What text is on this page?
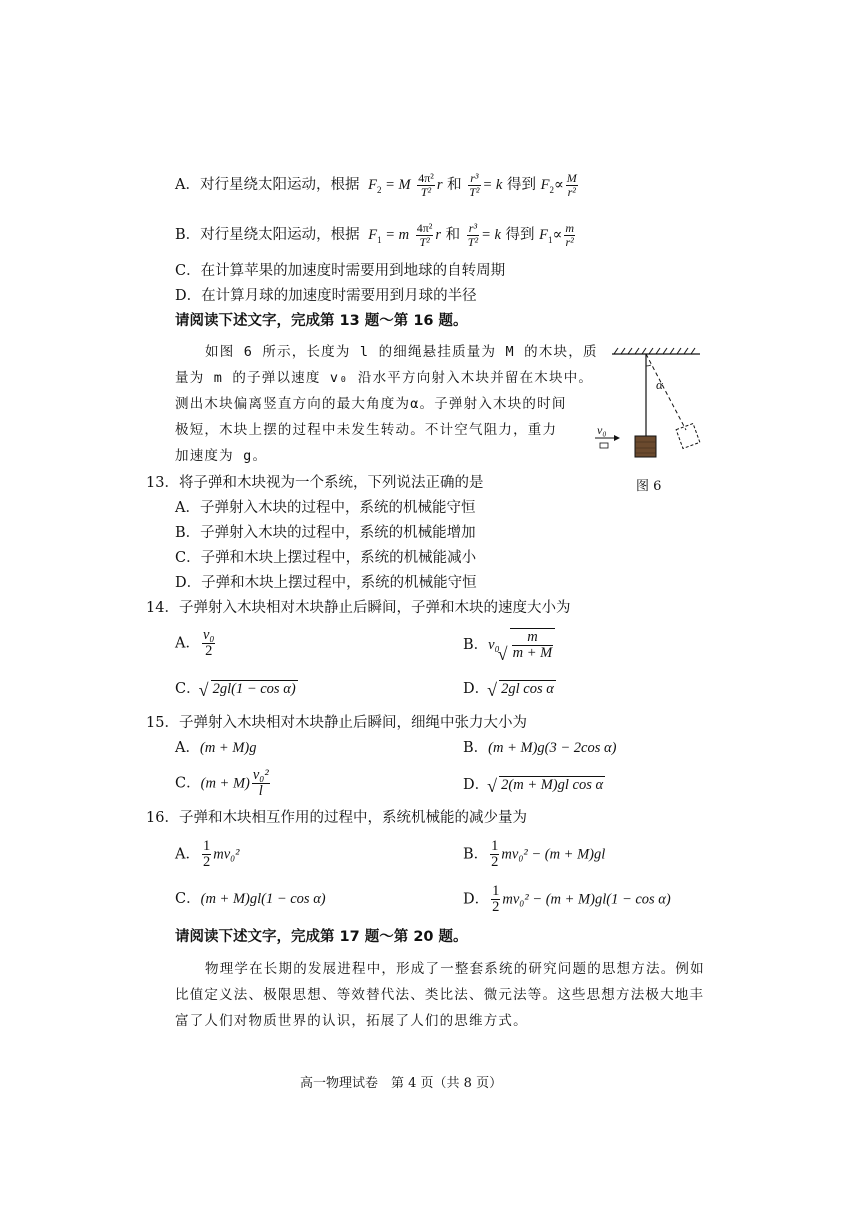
A．对行星绕太阳运动，根据 $F_2 = M \frac{\text{4π²}}{\text{T²}}$ r 和 $\frac{\text{r³}}{\text{T²}} = k$ 得到 $F_2\propto \frac{M}{\text{r²}}$
B．对行星绕太阳运动，根据 $F_1 = m \frac{\text{4π²}}{\text{T²}}$ r 和 $\frac{\text{r³}}{\text{T²}} = k$ 得到 $F_1\propto \frac{m}{\text{r²}}$
C．在计算苹果的加速度时需要用到地球的自转周期
D．在计算月球的加速度时需要用到月球的半径
请阅读下述文字，完成第 13 题～第 16 题。
如图 6 所示，长度为 l 的细绳悬挂质量为 M 的木块，质
量为 m 的子弹以速度 v₀ 沿水平方向射入木块并留在木块中。
测出木块偏离竖直方向的最大角度为α。子弹射入木块的时间
极短，木块上摆的过程中未发生转动。不计空气阻力，重力
加速度为 g。
α
v₀
图 6
13．将子弹和木块视为一个系统，下列说法正确的是
A．子弹射入木块的过程中，系统的机械能守恒
B．子弹射入木块的过程中，系统的机械能增加
C．子弹和木块上摆过程中，系统的机械能减小
D．子弹和木块上摆过程中，系统的机械能守恒
14．子弹射入木块相对木块静止后瞬间，子弹和木块的速度大小为
A． $\frac{\text{v₀}}{2}$	B．v₀ √ $\frac{m}{m + M}$
C． √ 2gl(1 − cos α)	D． √ 2gl cos α
15．子弹射入木块相对木块静止后瞬间，细绳中张力大小为
A．(m + M)g	B．(m + M)g(3 − 2cos α)
C．$(m + M) \frac{\text{v₀²}}{l}$	D． √ 2(m + M)gl cos α
16．子弹和木块相互作用的过程中，系统机械能的减少量为
A． $\frac{1}{2} mv_0^2$	B． $\frac{1}{2} mv_0^2 - (m + M)gl$
C．(m + M)gl(1 − cos α)	D． $\frac{1}{2} mv_0^2 - (m + M)gl(1 - \cos \alpha)$
请阅读下述文字，完成第 17 题～第 20 题。
物理学在长期的发展进程中，形成了一整套系统的研究问题的思想方法。例如
比值定义法、极限思想、等效替代法、类比法、微元法等。这些思想方法极大地丰
富了人们对物质世界的认识，拓展了人们的思维方式。
高一物理试卷　第 4 页（共 8 页）
